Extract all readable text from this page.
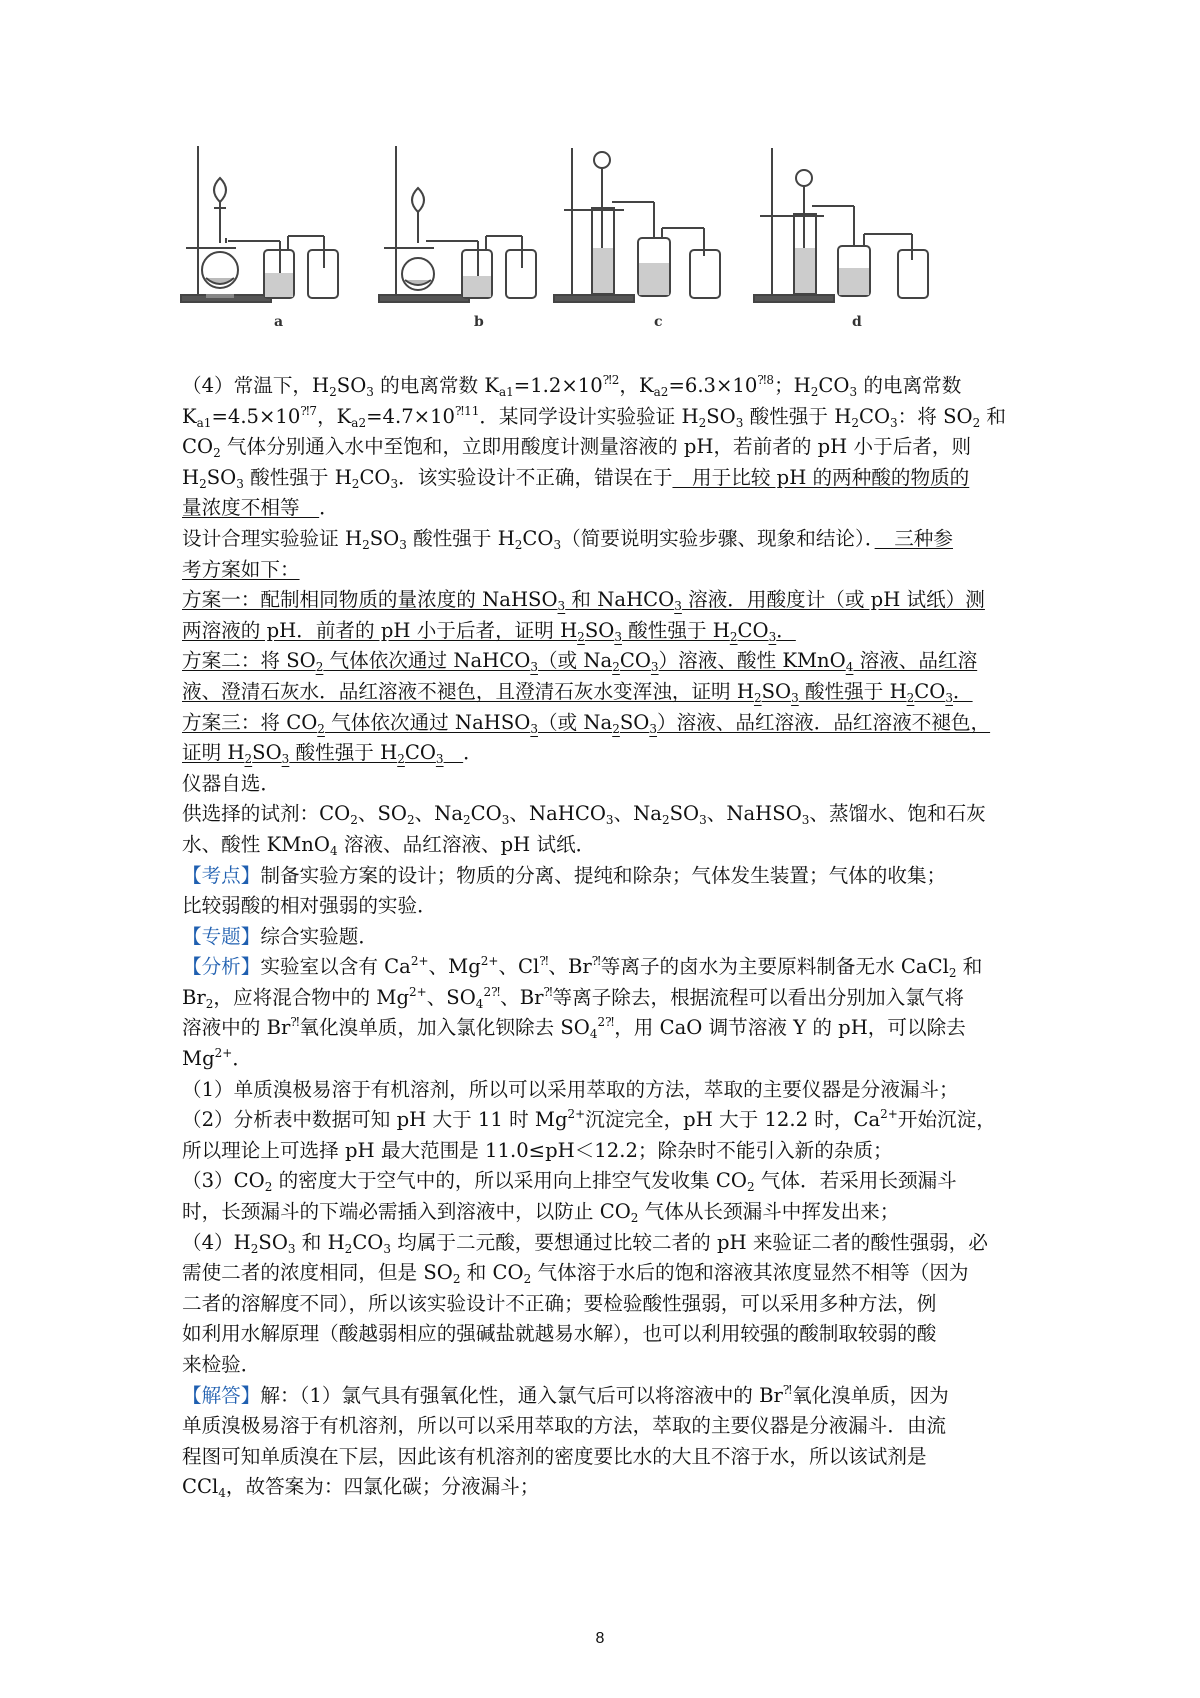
a	b	c	d
（4）常温下，$H_2SO_3$ 的电离常数 $K_{a1}=1.2\times 10^{⁈2}$，$K_{a2}=6.3\times 10^{⁈8}$；$H_2CO_3$ 的电离常数
$K_{a1}=4.5\times 10^{⁈7}$，$K_{a2}=4.7\times 10^{⁈11}$．某同学设计实验验证 $H_2SO_3$ 酸性强于 $H_2CO_3$：将 $SO_2$ 和
$CO_2$ 气体分别通入水中至饱和，立即用酸度计测量溶液的 pH，若前者的 pH 小于后者，则
$H_2SO_3$ 酸性强于 $H_2CO_3$．该实验设计不正确，错误在于　用于比较 pH 的两种酸的物质的
量浓度不相等　．
设计合理实验验证 $H_2SO_3$ 酸性强于 $H_2CO_3$（简要说明实验步骤、现象和结论）．　三种参
考方案如下：
方案一：配制相同物质的量浓度的 NaHSO$_3$ 和 NaHCO$_3$ 溶液．用酸度计（或 pH 试纸）测
两溶液的 pH．前者的 pH 小于后者，证明 $H_2SO_3$ 酸性强于 $H_2CO_3$．
方案二：将 $SO_2$ 气体依次通过 NaHCO$_3$（或 $Na_2CO_3$）溶液、酸性 KMnO$_4$ 溶液、品红溶
液、澄清石灰水．品红溶液不褪色，且澄清石灰水变浑浊，证明 $H_2SO_3$ 酸性强于 $H_2CO_3$．
方案三：将 $CO_2$ 气体依次通过 NaHSO$_3$（或 $Na_2SO_3$）溶液、品红溶液．品红溶液不褪色，
证明 $H_2SO_3$ 酸性强于 $H_2CO_3$　 ．
仪器自选．
供选择的试剂：$CO_2$、$SO_2$、$Na_2CO_3$、NaHCO$_3$、$Na_2SO_3$、NaHSO$_3$、蒸馏水、饱和石灰
水、酸性 KMnO$_4$ 溶液、品红溶液、pH 试纸．
【考点】制备实验方案的设计；物质的分离、提纯和除杂；气体发生装置；气体的收集；
比较弱酸的相对强弱的实验．
【专题】综合实验题．
【分析】实验室以含有 $Ca^{2+}$、$Mg^{2+}$、Cl⁈、Br⁈等离子的卤水为主要原料制备无水 CaCl$_2$ 和
$Br_2$，应将混合物中的 $Mg^{2+}$、$SO_4^{2⁈}$、Br⁈等离子除去，根据流程可以看出分别加入氯气将
溶液中的 Br⁈氧化溴单质，加入氯化钡除去 $SO_4^{2⁈}$，用 CaO 调节溶液 Y 的 pH，可以除去
$Mg^{2+}$．
（1）单质溴极易溶于有机溶剂，所以可以采用萃取的方法，萃取的主要仪器是分液漏斗；
（2）分析表中数据可知 pH 大于 11 时 $Mg^{2+}$沉淀完全，pH 大于 12.2 时，$Ca^{2+}$开始沉淀，
所以理论上可选择 pH 最大范围是 11.0≤pH＜12.2；除杂时不能引入新的杂质；
$(3)CO_2$ 的密度大于空气中的，所以采用向上排空气发收集 $CO_2$ 气体．若采用长颈漏斗
时，长颈漏斗的下端必需插入到溶液中，以防止 $CO_2$ 气体从长颈漏斗中挥发出来；
$(4)H_2SO_3$ 和 $H_2CO_3$ 均属于二元酸，要想通过比较二者的 pH 来验证二者的酸性强弱，必
需使二者的浓度相同，但是 $SO_2$ 和 $CO_2$ 气体溶于水后的饱和溶液其浓度显然不相等（因为
二者的溶解度不同），所以该实验设计不正确；要检验酸性强弱，可以采用多种方法，例
如利用水解原理（酸越弱相应的强碱盐就越易水解），也可以利用较强的酸制取较弱的酸
来检验．
【解答】解：（1）氯气具有强氧化性，通入氯气后可以将溶液中的 Br⁈氧化溴单质，因为
单质溴极易溶于有机溶剂，所以可以采用萃取的方法，萃取的主要仪器是分液漏斗．由流
程图可知单质溴在下层，因此该有机溶剂的密度要比水的大且不溶于水，所以该试剂是
CCl$_4$，故答案为：四氯化碳；分液漏斗；
8
